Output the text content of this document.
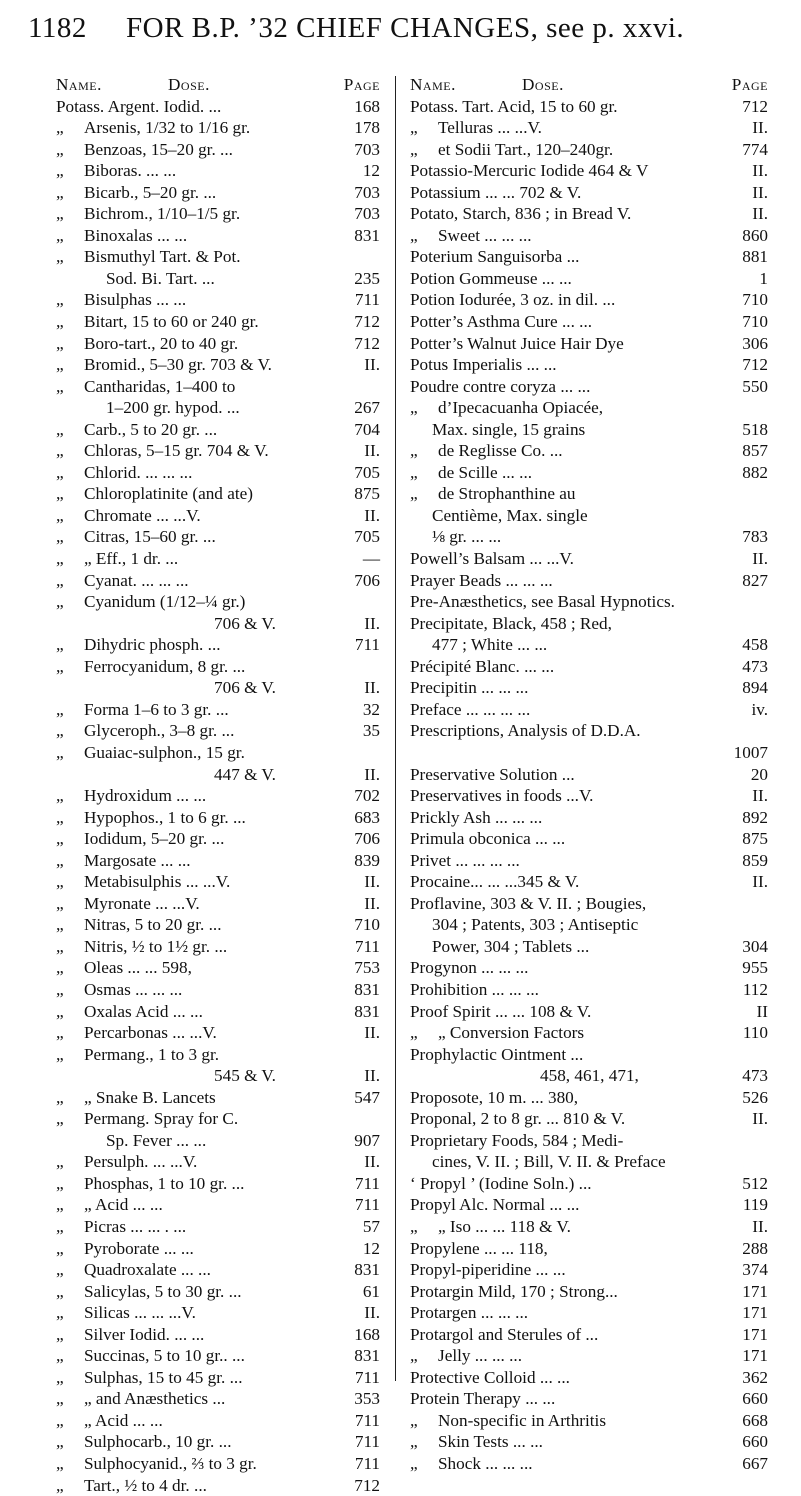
1182 FOR B.P. ’32 CHIEF CHANGES, see p. xxvi.
Name.	Dose.	Page
Potass. Argent. Iodid. ...	168
„	Arsenis, 1/32 to 1/16 gr.	178
„	Benzoas, 15–20 gr. ...	703
„	Biboras. ... ...	12
„	Bicarb., 5–20 gr. ...	703
„	Bichrom., 1/10–1/5 gr.	703
„	Binoxalas ... ...	831
„	Bismuthyl Tart. & Pot.
Sod. Bi. Tart. ...	235
„	Bisulphas ... ...	711
„	Bitart, 15 to 60 or 240 gr.	712
„	Boro-tart., 20 to 40 gr.	712
„	Bromid., 5–30 gr. 703 & V.	II.
„	Cantharidas, 1–400 to
1–200 gr. hypod. ...	267
„	Carb., 5 to 20 gr. ...	704
„	Chloras, 5–15 gr. 704 & V.	II.
„	Chlorid. ... ... ...	705
„	Chloroplatinite (and ate)	875
„	Chromate ... ...V.	II.
„	Citras, 15–60 gr. ...	705
„	„ Eff., 1 dr. ...	—
„	Cyanat. ... ... ...	706
„	Cyanidum (1/12–¼ gr.)
706 & V.	II.
„	Dihydric phosph. ...	711
„	Ferrocyanidum, 8 gr. ...
706 & V.	II.
„	Forma 1–6 to 3 gr. ...	32
„	Glyceroph., 3–8 gr. ...	35
„	Guaiac-sulphon., 15 gr.
447 & V.	II.
„	Hydroxidum ... ...	702
„	Hypophos., 1 to 6 gr. ...	683
„	Iodidum, 5–20 gr. ...	706
„	Margosate ... ...	839
„	Metabisulphis ... ...V.	II.
„	Myronate ... ...V.	II.
„	Nitras, 5 to 20 gr. ...	710
„	Nitris, ½ to 1½ gr. ...	711
„	Oleas ... ... 598,	753
„	Osmas ... ... ...	831
„	Oxalas Acid ... ...	831
„	Percarbonas ... ...V.	II.
„	Permang., 1 to 3 gr.
545 & V.	II.
„	„ Snake B. Lancets	547
„	Permang. Spray for C.
Sp. Fever ... ...	907
„	Persulph. ... ...V.	II.
„	Phosphas, 1 to 10 gr. ...	711
„	„ Acid ... ...	711
„	Picras ... ... . ...	57
„	Pyroborate ... ...	12
„	Quadroxalate ... ...	831
„	Salicylas, 5 to 30 gr. ...	61
„	Silicas ... ... ...V.	II.
„	Silver Iodid. ... ...	168
„	Succinas, 5 to 10 gr.. ...	831
„	Sulphas, 15 to 45 gr. ...	711
„	„ and Anæsthetics ...	353
„	„ Acid ... ...	711
„	Sulphocarb., 10 gr. ...	711
„	Sulphocyanid., ⅔ to 3 gr.	711
„	Tart., ½ to 4 dr. ...	712
Name.	Dose.	Page
Potass. Tart. Acid, 15 to 60 gr.	712
„	Telluras ... ...V.	II.
„	et Sodii Tart., 120–240gr.	774
Potassio-Mercuric Iodide 464 & V	II.
Potassium ... ... 702 & V.	II.
Potato, Starch, 836 ; in Bread V.	II.
„	Sweet ... ... ...	860
Poterium Sanguisorba ...	881
Potion Gommeuse ... ...	1
Potion Iodurée, 3 oz. in dil. ...	710
Potter’s Asthma Cure ... ...	710
Potter’s Walnut Juice Hair Dye	306
Potus Imperialis ... ...	712
Poudre contre coryza ... ...	550
„	d’Ipecacuanha Opiacée,
Max. single, 15 grains	518
„	de Reglisse Co. ...	857
„	de Scille ... ...	882
„	de Strophanthine au
Centième, Max. single
⅛ gr. ... ...	783
Powell’s Balsam ... ...V.	II.
Prayer Beads ... ... ...	827
Pre-Anæsthetics, see Basal Hypnotics.
Precipitate, Black, 458 ; Red,
477 ; White ... ...	458
Précipité Blanc. ... ...	473
Precipitin ... ... ...	894
Preface ... ... ... ...	iv.
Prescriptions, Analysis of D.D.A.
1007
Preservative Solution ...	20
Preservatives in foods ...V.	II.
Prickly Ash ... ... ...	892
Primula obconica ... ...	875
Privet ... ... ... ...	859
Procaine... ... ...345 & V.	II.
Proflavine, 303 & V. II. ; Bougies,
304 ; Patents, 303 ; Antiseptic
Power, 304 ; Tablets ...	304
Progynon ... ... ...	955
Prohibition ... ... ...	112
Proof Spirit ... ... 108 & V.	II
„	„ Conversion Factors	110
Prophylactic Ointment ...
458, 461, 471,	473
Proposote, 10 m. ... 380,	526
Proponal, 2 to 8 gr. ... 810 & V.	II.
Proprietary Foods, 584 ; Medi-
cines, V. II. ; Bill, V. II. & Preface
‘ Propyl ’ (Iodine Soln.) ...	512
Propyl Alc. Normal ... ...	119
„	„ Iso ... ... 118 & V.	II.
Propylene ... ... 118,	288
Propyl-piperidine ... ...	374
Protargin Mild, 170 ; Strong...	171
Protargen ... ... ...	171
Protargol and Sterules of ...	171
„	Jelly ... ... ...	171
Protective Colloid ... ...	362
Protein Therapy ... ...	660
„	Non-specific in Arthritis	668
„	Skin Tests ... ...	660
„	Shock ... ... ...	667
